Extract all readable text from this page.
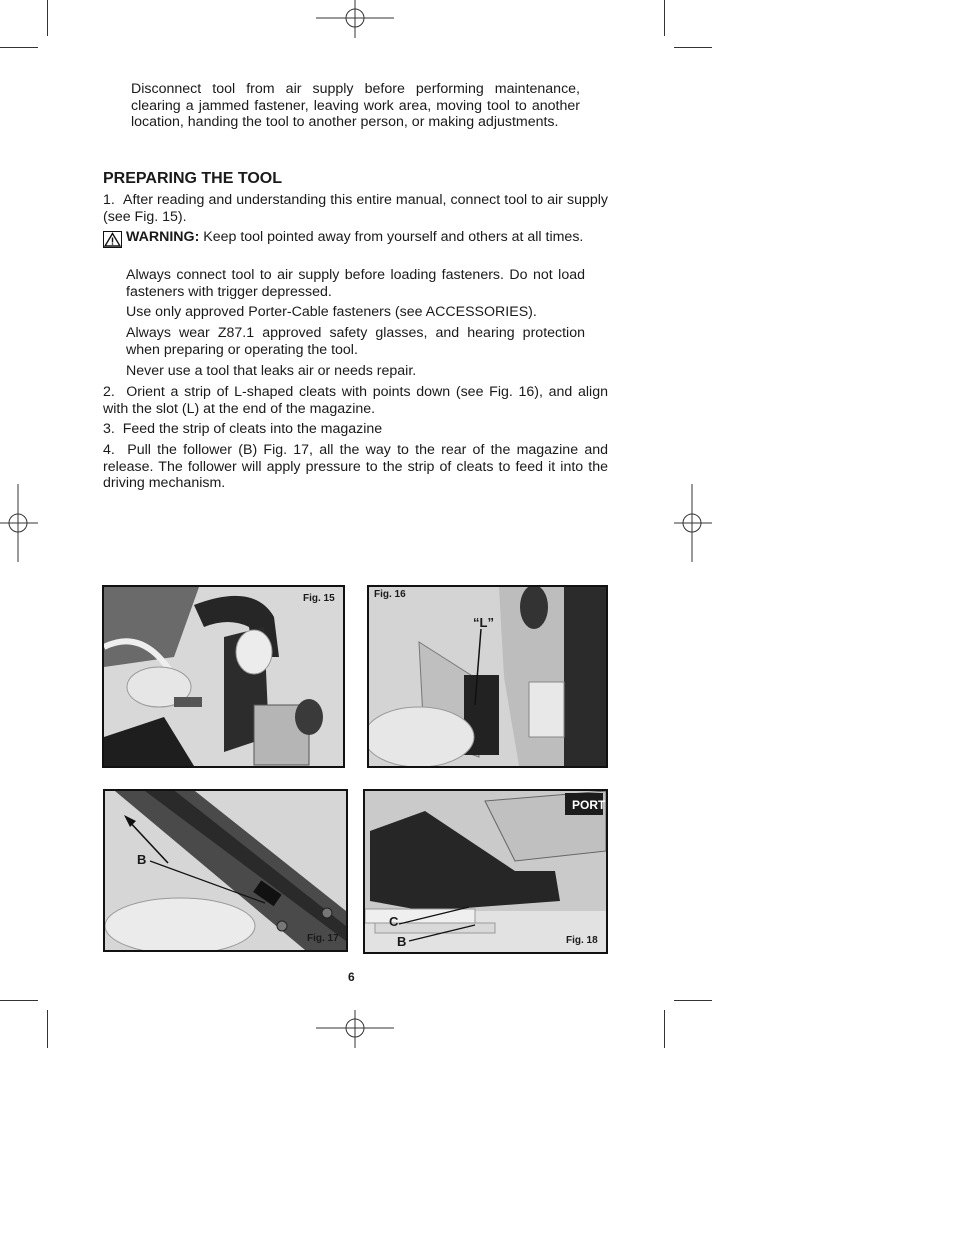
Disconnect tool from air supply before performing maintenance, clearing a jammed fastener, leaving work area, moving tool to another location, handing the tool to another person, or making adjustments.
PREPARING THE TOOL
1.  After reading and understanding this entire manual, connect tool to air supply (see Fig. 15).
WARNING: Keep tool pointed away from yourself and others at all times.
Always connect tool to air supply before loading fasteners. Do not load fasteners with trigger depressed.
Use only approved Porter-Cable fasteners (see ACCESSORIES).
Always wear Z87.1 approved safety glasses, and hearing protection when preparing or operating the tool.
Never use a tool that leaks air or needs repair.
2.  Orient a strip of L-shaped cleats with points down (see Fig. 16), and align with the slot (L) at the end of the magazine.
3.  Feed the strip of cleats into the magazine
4.  Pull the follower (B) Fig. 17, all the way to the rear of the magazine and release. The follower will apply pressure to the strip of cleats to feed it into the driving mechanism.
Fig. 15	Fig. 16
“L”
B
Fig. 17
PORT
C
B	Fig. 18
6
